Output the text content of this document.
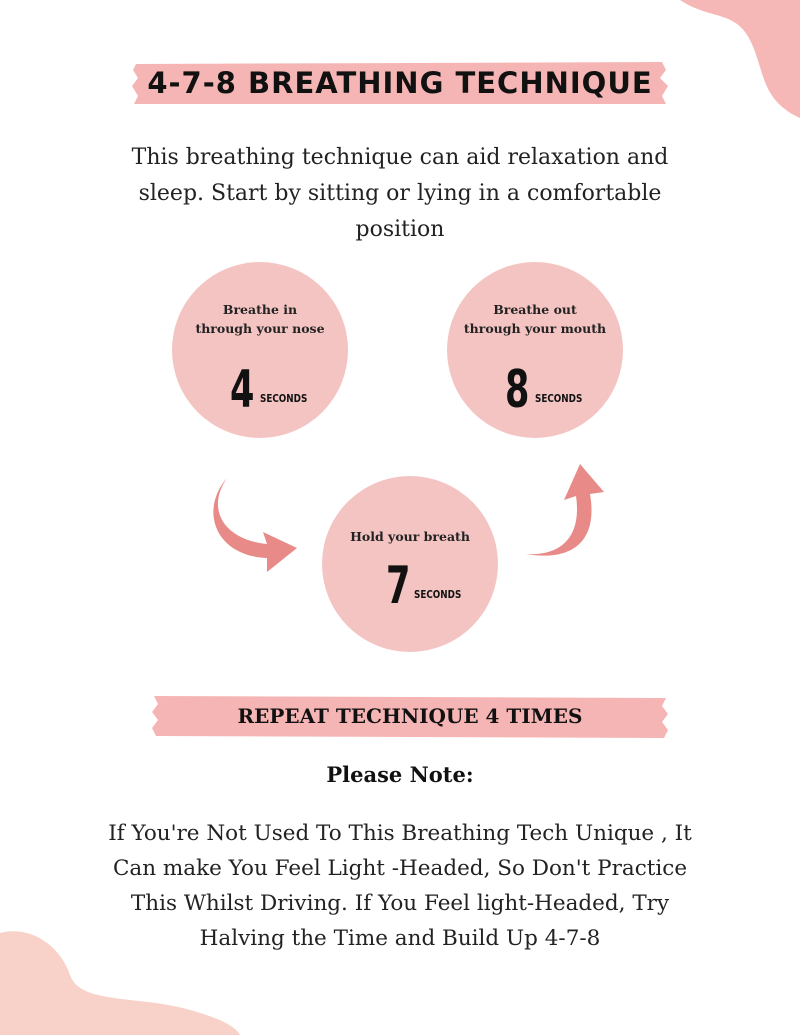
4-7-8 BREATHING TECHNIQUE
This breathing technique can aid relaxation and sleep. Start by sitting or lying in a comfortable position
Breathe in through your nose
4 SECONDS
Breathe out through your mouth
8 SECONDS
Hold your breath
7 SECONDS
REPEAT TECHNIQUE 4 TIMES
Please Note:
If You're Not Used To This Breathing Tech Unique , It
Can make You Feel Light -Headed, So Don't Practice
This Whilst Driving. If You Feel light-Headed, Try
Halving the Time and Build Up 4-7-8
